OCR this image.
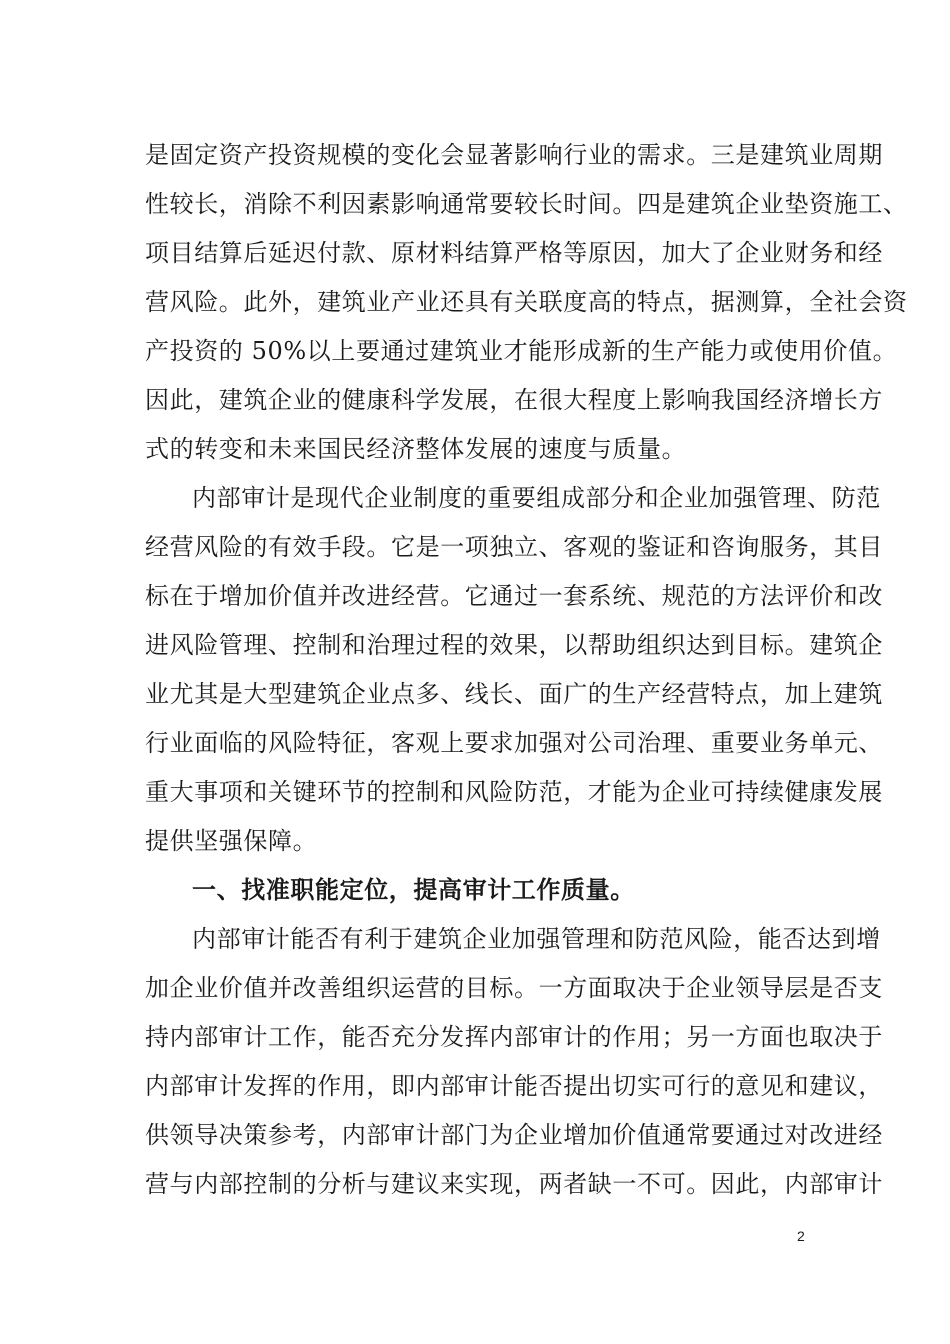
是固定资产投资规模的变化会显著影响行业的需求。三是建筑业周期
性较长，消除不利因素影响通常要较长时间。四是建筑企业垫资施工、
项目结算后延迟付款、原材料结算严格等原因，加大了企业财务和经
营风险。此外，建筑业产业还具有关联度高的特点，据测算，全社会资
产投资的 50%以上要通过建筑业才能形成新的生产能力或使用价值。
因此，建筑企业的健康科学发展，在很大程度上影响我国经济增长方
式的转变和未来国民经济整体发展的速度与质量。
内部审计是现代企业制度的重要组成部分和企业加强管理、防范
经营风险的有效手段。它是一项独立、客观的鉴证和咨询服务，其目
标在于增加价值并改进经营。它通过一套系统、规范的方法评价和改
进风险管理、控制和治理过程的效果，以帮助组织达到目标。建筑企
业尤其是大型建筑企业点多、线长、面广的生产经营特点，加上建筑
行业面临的风险特征，客观上要求加强对公司治理、重要业务单元、
重大事项和关键环节的控制和风险防范，才能为企业可持续健康发展
提供坚强保障。
一、找准职能定位，提高审计工作质量。
内部审计能否有利于建筑企业加强管理和防范风险，能否达到增
加企业价值并改善组织运营的目标。一方面取决于企业领导层是否支
持内部审计工作，能否充分发挥内部审计的作用；另一方面也取决于
内部审计发挥的作用，即内部审计能否提出切实可行的意见和建议，
供领导决策参考，内部审计部门为企业增加价值通常要通过对改进经
营与内部控制的分析与建议来实现，两者缺一不可。因此，内部审计
2
